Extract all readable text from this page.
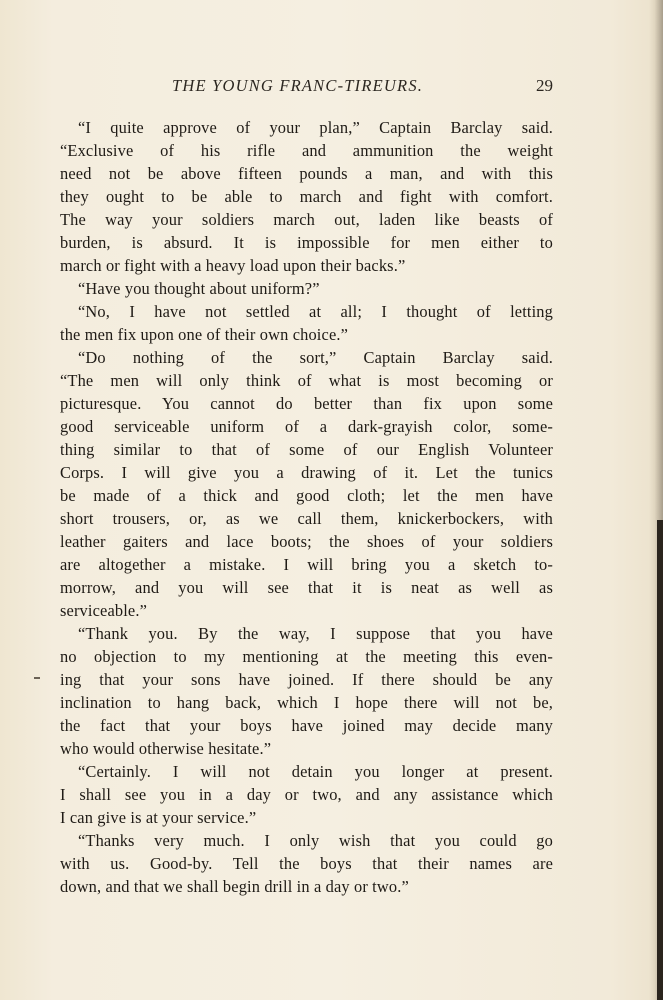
THE YOUNG FRANC-TIREURS.	29
“I quite approve of your plan,” Captain Barclay said.
“Exclusive of his rifle and ammunition the weight
need not be above fifteen pounds a man, and with this
they ought to be able to march and fight with comfort.
The way your soldiers march out, laden like beasts of
burden, is absurd. It is impossible for men either to
march or fight with a heavy load upon their backs.”
“Have you thought about uniform?”
“No, I have not settled at all; I thought of letting
the men fix upon one of their own choice.”
“Do nothing of the sort,” Captain Barclay said.
“The men will only think of what is most becoming or
picturesque. You cannot do better than fix upon some
good serviceable uniform of a dark-grayish color, some-
thing similar to that of some of our English Volunteer
Corps. I will give you a drawing of it. Let the tunics
be made of a thick and good cloth; let the men have
short trousers, or, as we call them, knickerbockers, with
leather gaiters and lace boots; the shoes of your soldiers
are altogether a mistake. I will bring you a sketch to-
morrow, and you will see that it is neat as well as
serviceable.”
“Thank you. By the way, I suppose that you have
no objection to my mentioning at the meeting this even-
ing that your sons have joined. If there should be any
inclination to hang back, which I hope there will not be,
the fact that your boys have joined may decide many
who would otherwise hesitate.”
“Certainly. I will not detain you longer at present.
I shall see you in a day or two, and any assistance which
I can give is at your service.”
“Thanks very much. I only wish that you could go
with us. Good-by. Tell the boys that their names are
down, and that we shall begin drill in a day or two.”
